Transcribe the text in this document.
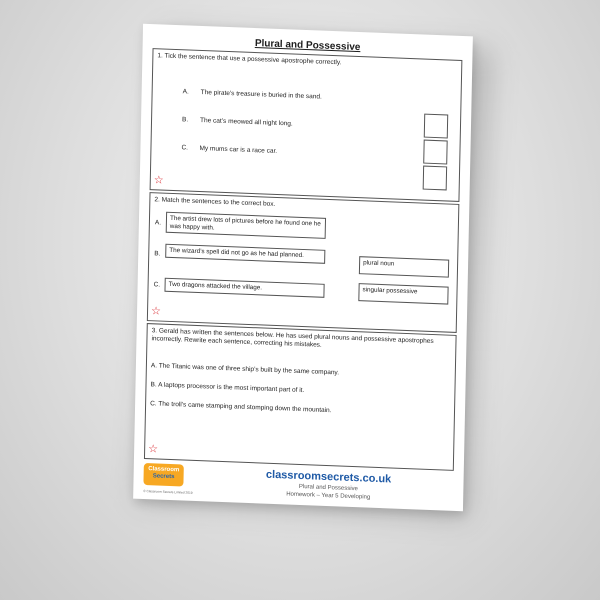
Plural and Possessive
1. Tick the sentence that use a possessive apostrophe correctly.
A. The pirate’s treasure is buried in the sand.
B. The cat’s meowed all night long.
C. My mums car is a race car.
☆
2. Match the sentences to the correct box.
A.	The artist drew lots of pictures before he found one he was happy with.
B.	The wizard’s spell did not go as he had planned.
C.	Two dragons attacked the village.
plural noun
singular possessive
☆
3. Gerald has written the sentences below. He has used plural nouns and possessive apostrophes incorrectly. Rewrite each sentence, correcting his mistakes.
A. The Titanic was one of three ship’s built by the same company.
B. A laptops processor is the most important part of it.
C. The troll’s came stamping and stomping down the mountain.
☆
Classroom
Secrets
© Classroom Secrets Limited 2019
classroomsecrets.co.uk
Plural and Possessive
Homework – Year 5 Developing
